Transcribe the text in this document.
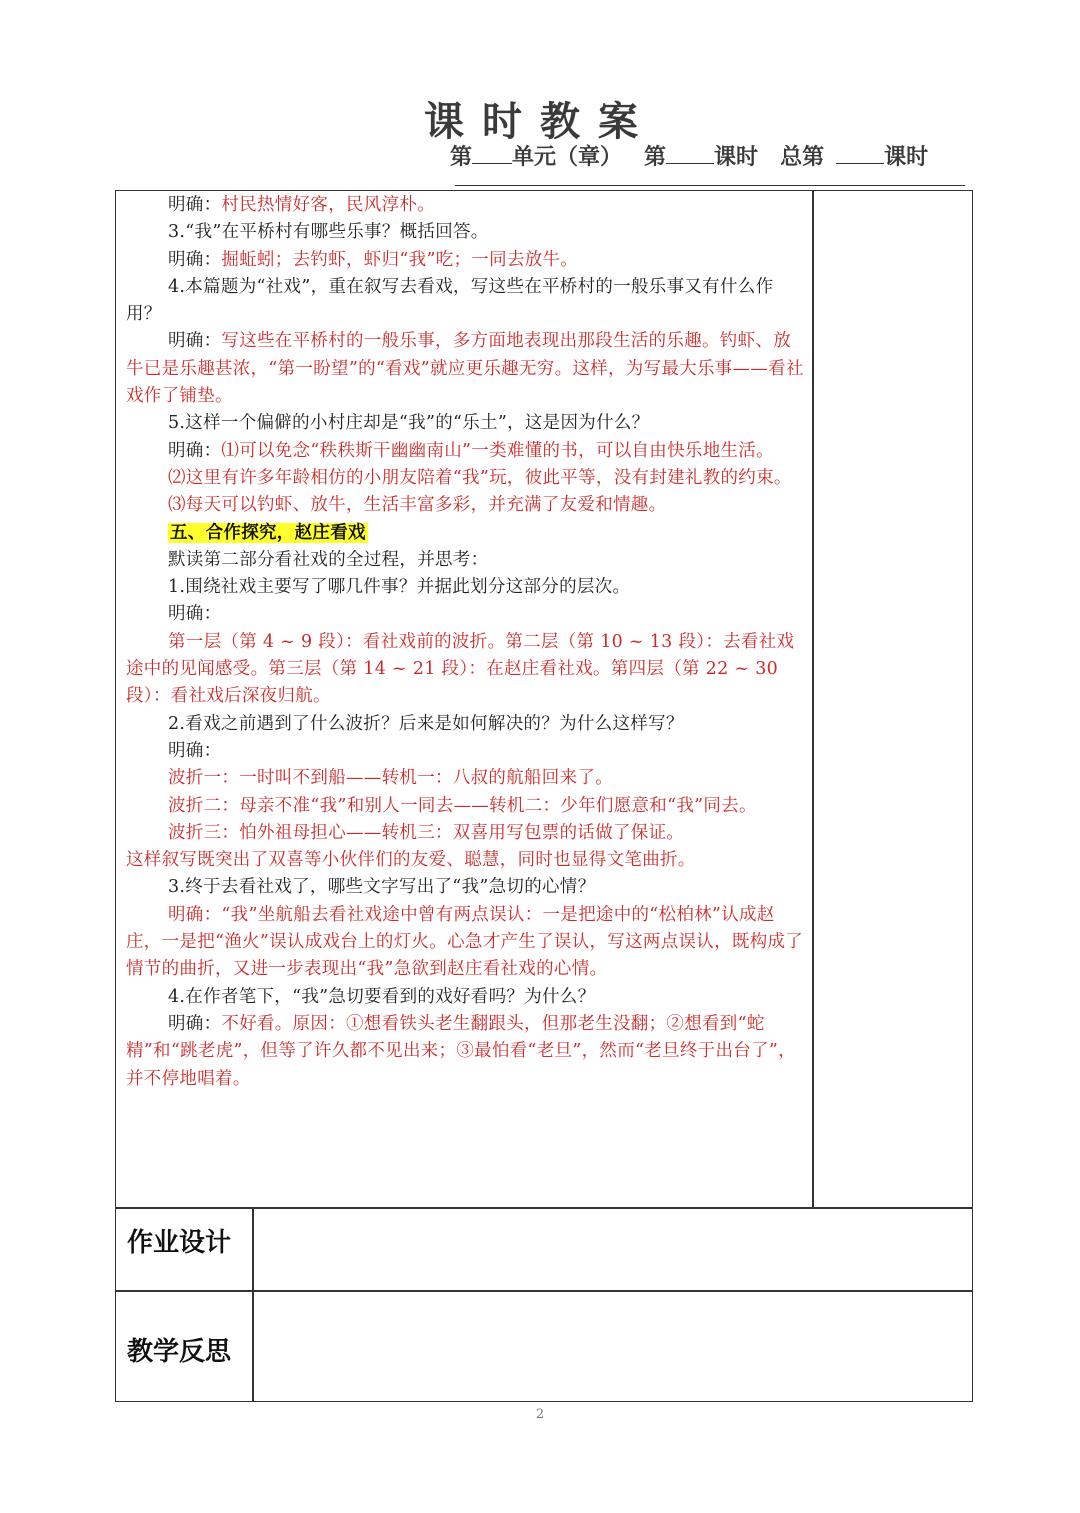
课时教案
第 单元（章） 第 课时 总第	课时

明确：村民热情好客，民风淳朴。

3.“我”在平桥村有哪些乐事？概括回答。

明确：掘蚯蚓；去钓虾，虾归“我”吃；一同去放牛。

4.本篇题为“社戏”，重在叙写去看戏，写这些在平桥村的一般乐事又有什么作用？

明确：写这些在平桥村的一般乐事，多方面地表现出那段生活的乐趣。钓虾、放牛已是乐趣甚浓，“第一盼望”的“看戏”就应更乐趣无穷。这样，为写最大乐事——看社戏作了铺垫。

5.这样一个偏僻的小村庄却是“我”的“乐土”，这是因为什么？

明确：⑴可以免念“秩秩斯干幽幽南山”一类难懂的书，可以自由快乐地生活。

⑵这里有许多年龄相仿的小朋友陪着“我”玩，彼此平等，没有封建礼教的约束。

⑶每天可以钓虾、放牛，生活丰富多彩，并充满了友爱和情趣。

五、合作探究，赵庄看戏

默读第二部分看社戏的全过程，并思考：

1.围绕社戏主要写了哪几件事？并据此划分这部分的层次。

明确：

第一层（第 4 ~ 9 段）：看社戏前的波折。第二层（第 10 ~ 13 段）：去看社戏途中的见闻感受。第三层（第 14 ~ 21 段）：在赵庄看社戏。第四层（第 22 ~ 30 段）：看社戏后深夜归航。

2.看戏之前遇到了什么波折？后来是如何解决的？为什么这样写？

明确：

波折一：一时叫不到船——转机一：八叔的航船回来了。

波折二：母亲不准“我”和别人一同去——转机二：少年们愿意和“我”同去。

波折三：怕外祖母担心——转机三：双喜用写包票的话做了保证。

这样叙写既突出了双喜等小伙伴们的友爱、聪慧，同时也显得文笔曲折。

3.终于去看社戏了，哪些文字写出了“我”急切的心情？

明确：“我”坐航船去看社戏途中曾有两点误认：一是把途中的“松柏林”认成赵庄，一是把“渔火”误认成戏台上的灯火。心急才产生了误认，写这两点误认，既构成了情节的曲折，又进一步表现出“我”急欲到赵庄看社戏的心情。

4.在作者笔下，“我”急切要看到的戏好看吗？为什么？

明确：不好看。原因：①想看铁头老生翻跟头，但那老生没翻；②想看到“蛇精”和“跳老虎”，但等了许久都不见出来；③最怕看“老旦”，然而“老旦终于出台了”，并不停地唱着。

作业设计
教学反思
2
